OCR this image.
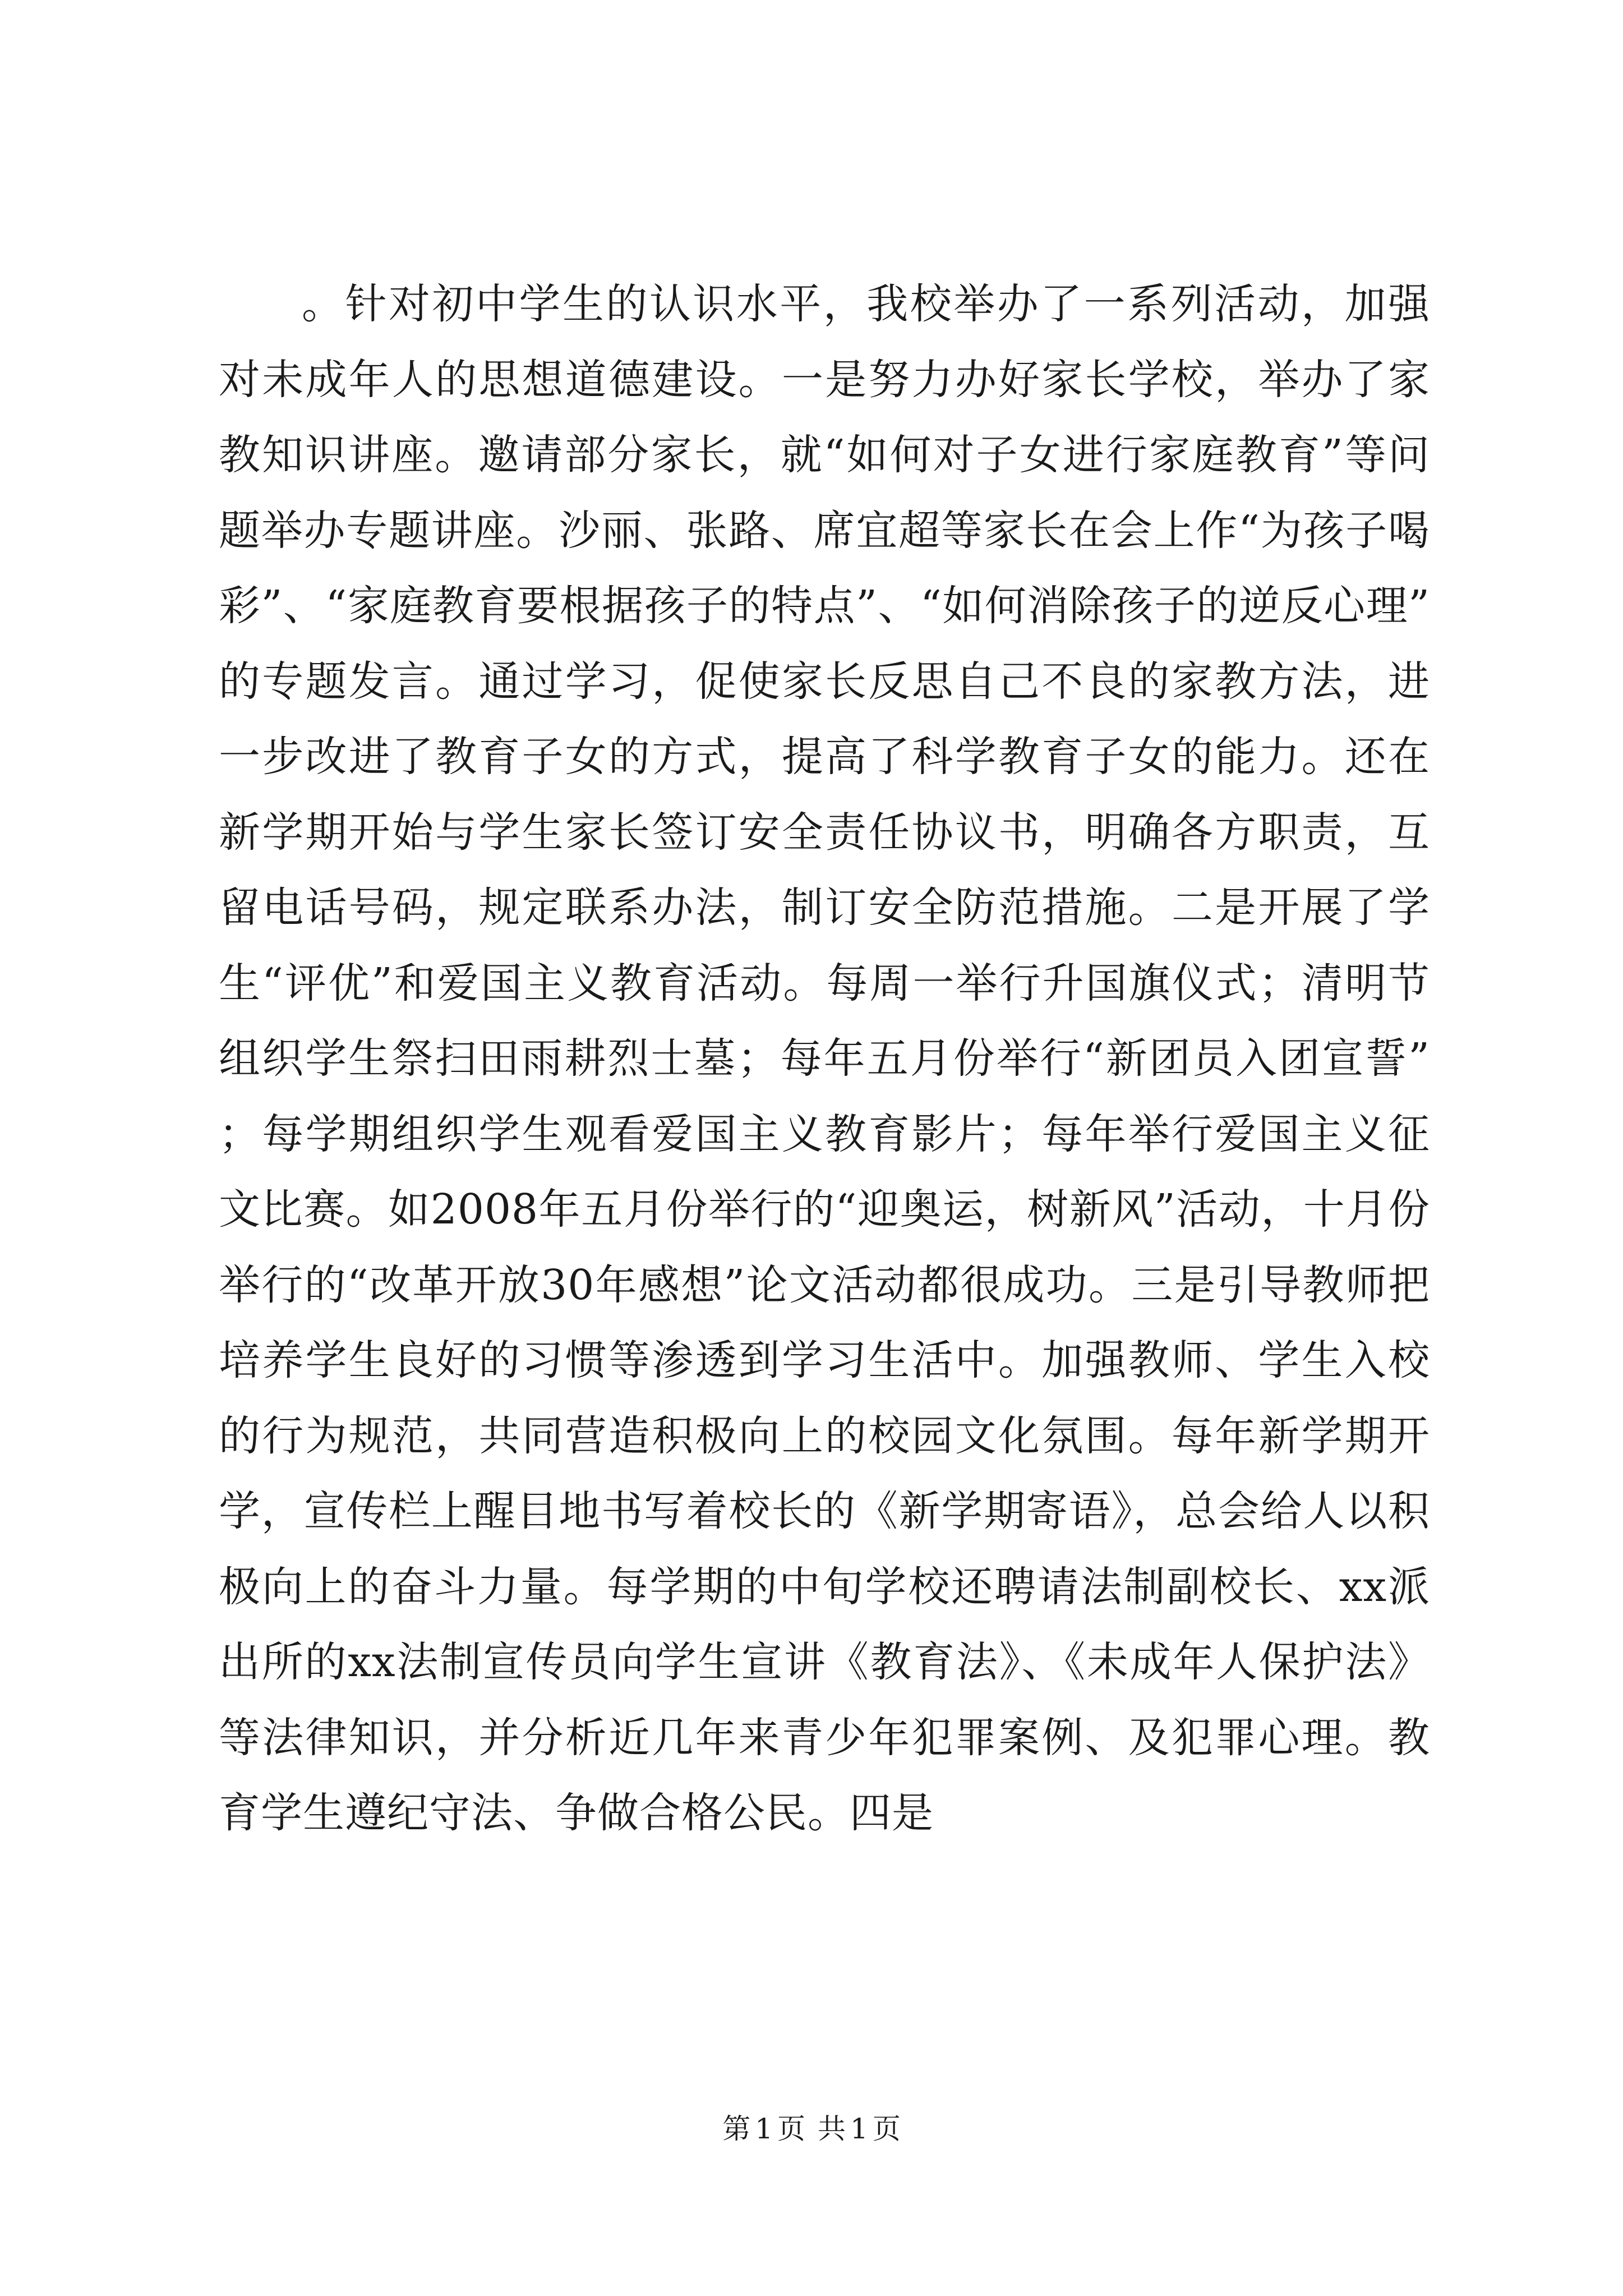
。针对初中学生的认识水平，我校举办了一系列活动，加强对未成年人的思想道德建设。一是努力办好家长学校，举办了家教知识讲座。邀请部分家长，就“如何对子女进行家庭教育”等问题举办专题讲座。沙丽、张路、席宜超等家长在会上作“为孩子喝彩”、“家庭教育要根据孩子的特点”、“如何消除孩子的逆反心理”的专题发言。通过学习，促使家长反思自己不良的家教方法，进一步改进了教育子女的方式，提高了科学教育子女的能力。还在新学期开始与学生家长签订安全责任协议书，明确各方职责，互留电话号码，规定联系办法，制订安全防范措施。二是开展了学生“评优”和爱国主义教育活动。每周一举行升国旗仪式；清明节组织学生祭扫田雨耕烈士墓；每年五月份举行“新团员入团宣誓”；每学期组织学生观看爱国主义教育影片；每年举行爱国主义征文比赛。如2008年五月份举行的“迎奥运，树新风”活动，十月份举行的“改革开放30年感想”论文活动都很成功。三是引导教师把培养学生良好的习惯等渗透到学习生活中。加强教师、学生入校的行为规范，共同营造积极向上的校园文化氛围。每年新学期开学，宣传栏上醒目地书写着校长的《新学期寄语》，总会给人以积极向上的奋斗力量。每学期的中旬学校还聘请法制副校长、xx派出所的xx法制宣传员向学生宣讲《教育法》、《未成年人保护法》等法律知识，并分析近几年来青少年犯罪案例、及犯罪心理。教育学生遵纪守法、争做合格公民。四是

第 1 页 共 1 页
